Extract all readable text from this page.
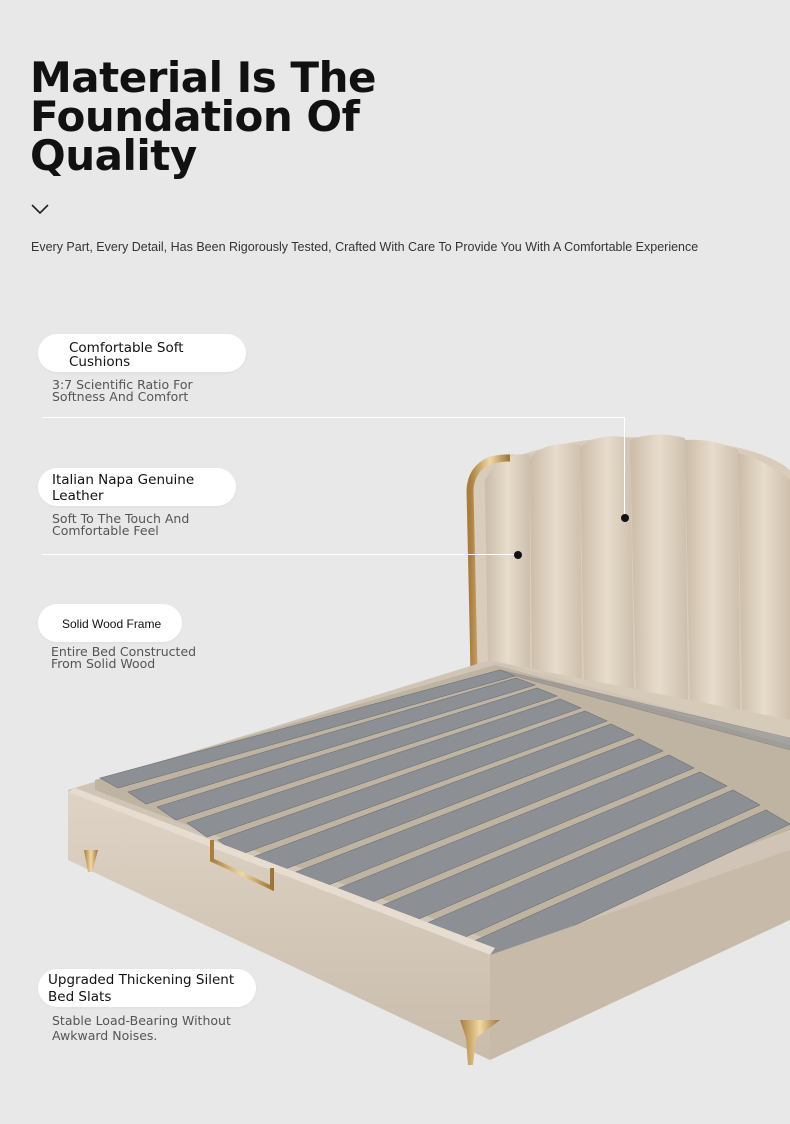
Material Is The
Foundation Of
Quality
Every Part, Every Detail, Has Been Rigorously Tested, Crafted With Care To Provide You With A Comfortable Experience
Comfortable Soft
Cushions
3:7 Scientific Ratio For
Softness And Comfort
Italian Napa Genuine
Leather
Soft To The Touch And
Comfortable Feel
Solid Wood Frame
Entire Bed Constructed
From Solid Wood
Upgraded Thickening Silent
Bed Slats
Stable Load-Bearing Without
Awkward Noises.
